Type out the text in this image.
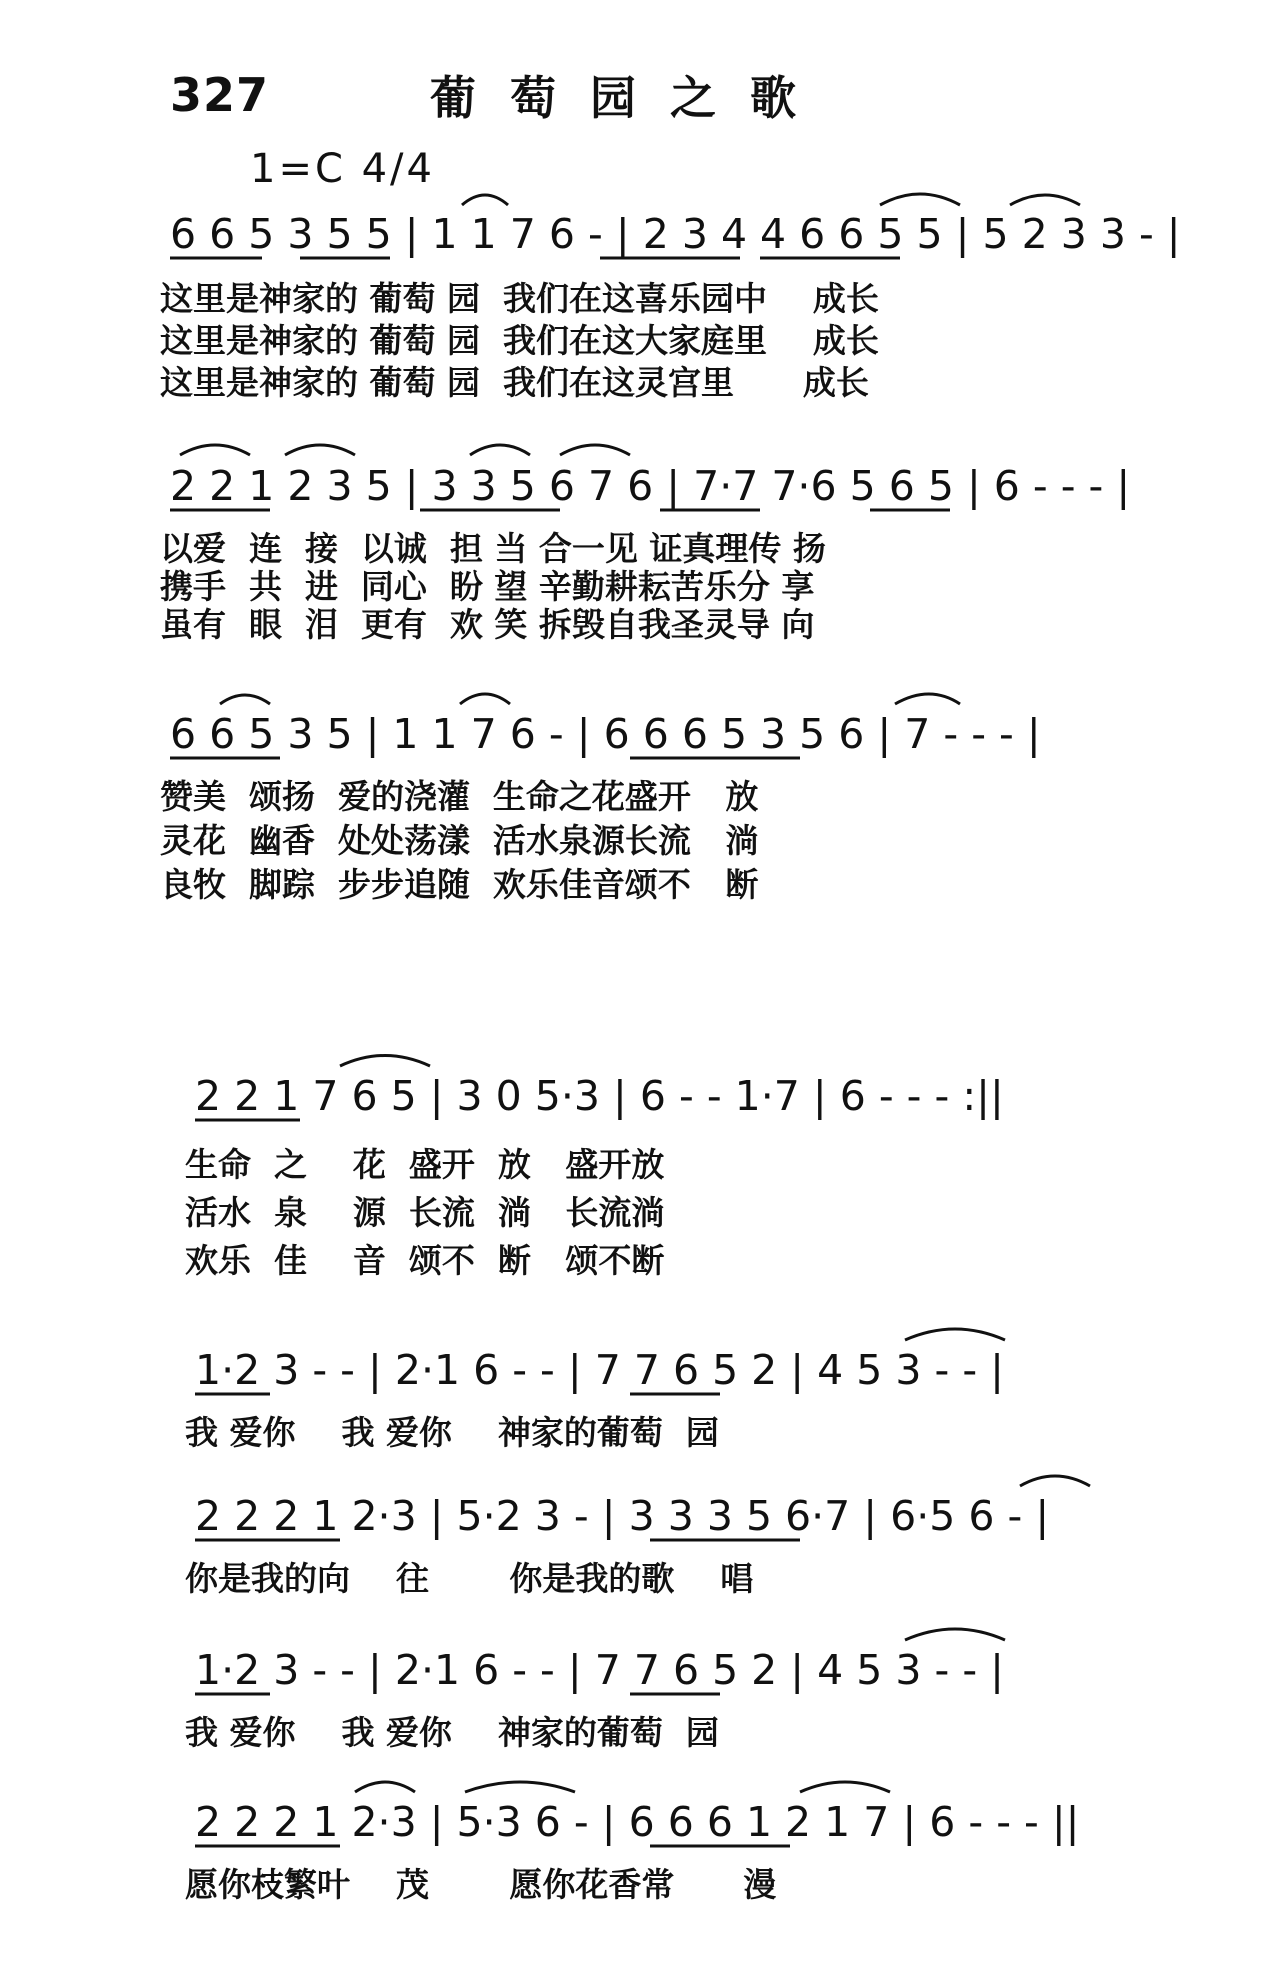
327	葡萄园之歌
1=C 4/4
6 6 5 3 5 5 | 1 1 7 6 - | 2 3 4 4 6 6 5 5 | 5 2 3 3 - |
这里是神家的 葡萄 园  我们在这喜乐园中    成长
这里是神家的 葡萄 园  我们在这大家庭里    成长
这里是神家的 葡萄 园  我们在这灵宫里      成长
2 2 1 2 3 5 | 3 3 5 6 7 6 | 7·7 7·6 5 6 5 | 6 - - - |
以爱  连  接  以诚  担 当 合一见 证真理传 扬
携手  共  进  同心  盼 望 辛勤耕耘苦乐分 享
虽有  眼  泪  更有  欢 笑 拆毁自我圣灵导 向
6 6 5 3 5 | 1 1 7 6 - | 6 6 6 5 3 5 6 | 7 - - - |
赞美  颂扬  爱的浇灌  生命之花盛开   放
灵花  幽香  处处荡漾  活水泉源长流   淌
良牧  脚踪  步步追随  欢乐佳音颂不   断
2 2 1 7 6 5 | 3 0 5·3 | 6 - - 1·7 | 6 - - - :||
生命  之    花  盛开  放   盛开放
活水  泉    源  长流  淌   长流淌
欢乐  佳    音  颂不  断   颂不断
1·2 3 - - | 2·1 6 - - | 7 7 6 5 2 | 4 5 3 - - |
我 爱你    我 爱你    神家的葡萄  园
2 2 2 1 2·3 | 5·2 3 - | 3 3 3 5 6·7 | 6·5 6 - |
你是我的向    往       你是我的歌    唱
1·2 3 - - | 2·1 6 - - | 7 7 6 5 2 | 4 5 3 - - |
我 爱你    我 爱你    神家的葡萄  园
2 2 2 1 2·3 | 5·3 6 - | 6 6 6 1 2 1 7 | 6 - - - ||
愿你枝繁叶    茂       愿你花香常      漫
